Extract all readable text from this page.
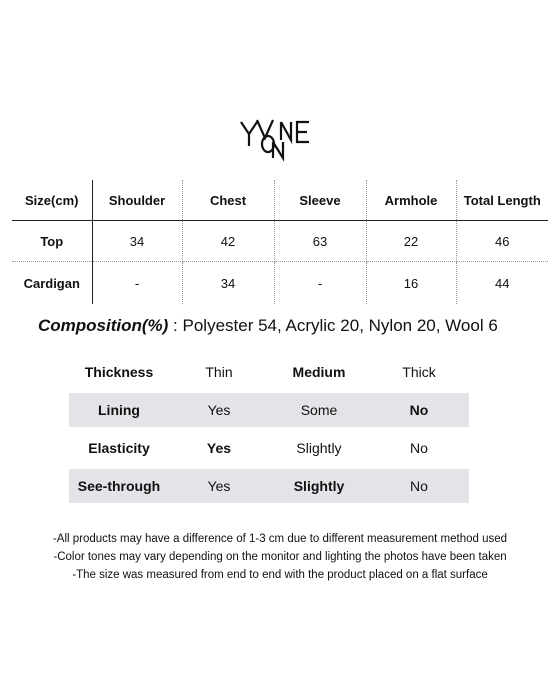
Size(cm)	Shoulder	Chest	Sleeve	Armhole	Total Length
Top	34	42	63	22	46
Cardigan	-	34	-	16	44
Composition(%) : Polyester 54, Acrylic 20, Nylon 20, Wool 6
Thickness	Thin	Medium	Thick
Lining	Yes	Some	No
Elasticity	Yes	Slightly	No
See-through	Yes	Slightly	No
-All products may have a difference of 1-3 cm due to different measurement method used
-Color tones may vary depending on the monitor and lighting the photos have been taken
-The size was measured from end to end with the product placed on a flat surface
